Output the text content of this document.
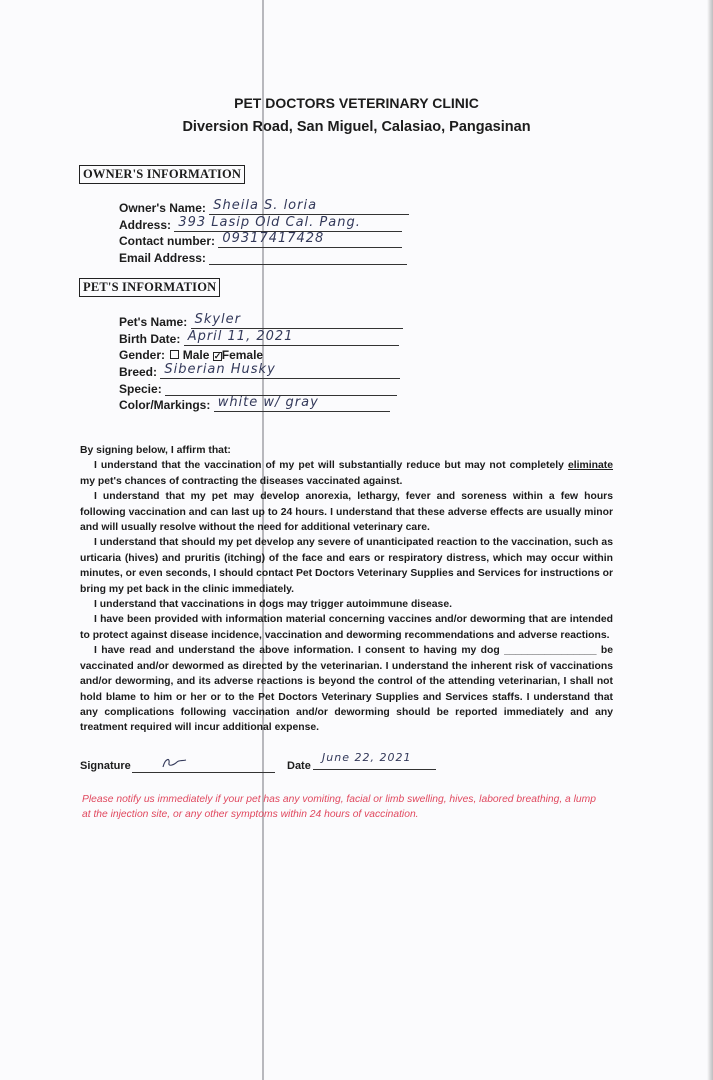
PET DOCTORS VETERINARY CLINIC
Diversion Road, San Miguel, Calasiao, Pangasinan
OWNER'S INFORMATION
Owner's Name: Sheila S. loria
Address: 393 Lasip Old Cal. Pang.
Contact number: 09317417428
Email Address:
PET'S INFORMATION
Pet's Name: Skyler
Birth Date: April 11, 2021
Gender: Male ✓Female
Breed: Siberian Husky
Specie:
Color/Markings: white w/ gray

By signing below, I affirm that:

I understand that the vaccination of my pet will substantially reduce but may not completely eliminate my pet's chances of contracting the diseases vaccinated against.

I understand that my pet may develop anorexia, lethargy, fever and soreness within a few hours following vaccination and can last up to 24 hours. I understand that these adverse effects are usually minor and will usually resolve without the need for additional veterinary care.

I understand that should my pet develop any severe of unanticipated reaction to the vaccination, such as urticaria (hives) and pruritis (itching) of the face and ears or respiratory distress, which may occur within minutes, or even seconds, I should contact Pet Doctors Veterinary Supplies and Services for instructions or bring my pet back in the clinic immediately.

I understand that vaccinations in dogs may trigger autoimmune disease.

I have been provided with information material concerning vaccines and/or deworming that are intended to protect against disease incidence, vaccination and deworming recommendations and adverse reactions.

I have read and understand the above information. I consent to having my dog ________________ be vaccinated and/or dewormed as directed by the veterinarian. I understand the inherent risk of vaccinations and/or deworming, and its adverse reactions is beyond the control of the attending veterinarian, I shall not hold blame to him or her or to the Pet Doctors Veterinary Supplies and Services staffs. I understand that any complications following vaccination and/or deworming should be reported immediately and any treatment required will incur additional expense.

Signature	Date
June 22, 2021
Please notify us immediately if your pet has any vomiting, facial or limb swelling, hives, labored breathing, a lump at the injection site, or any other symptoms within 24 hours of vaccination.
